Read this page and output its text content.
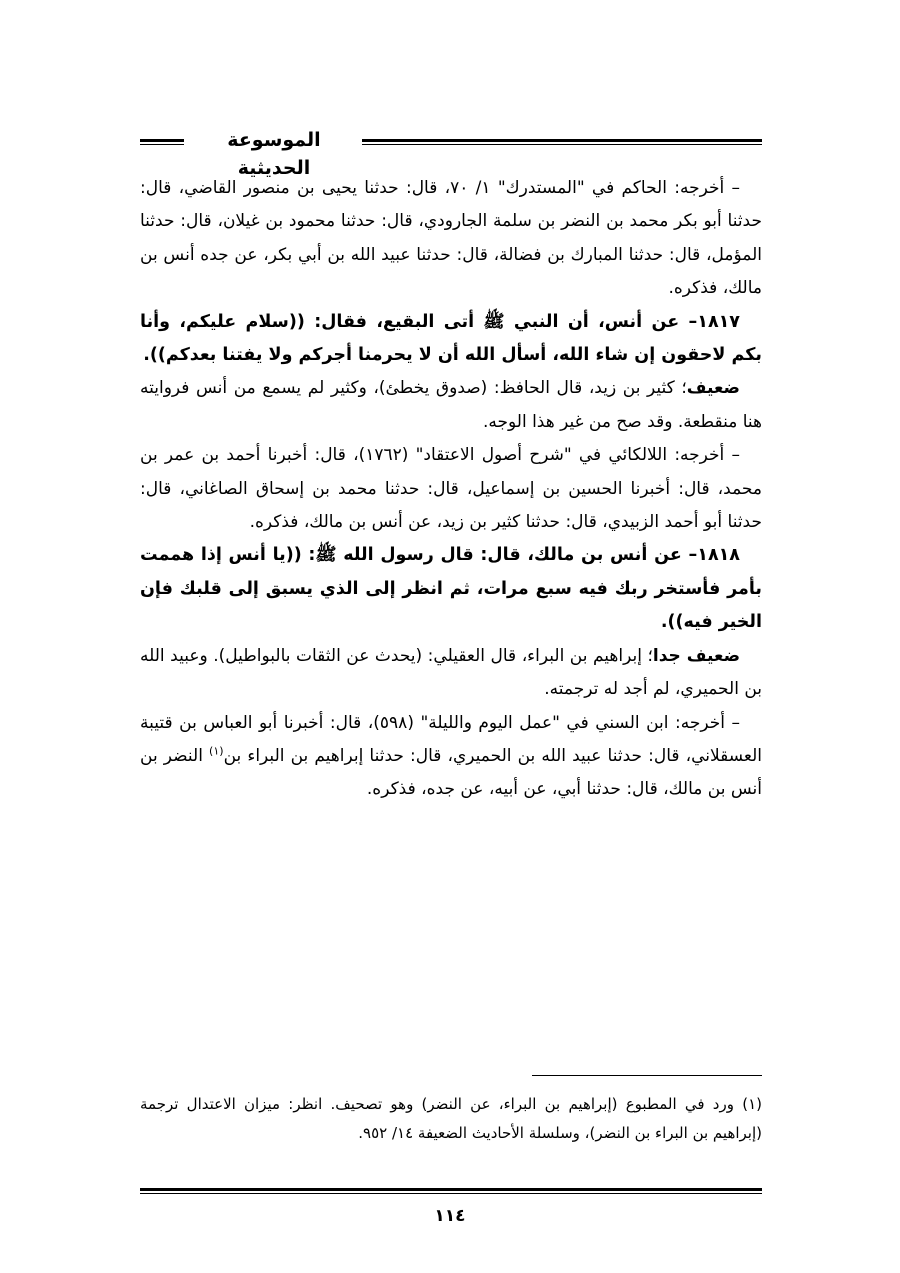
الموسوعة الحديثية

– أخرجه: الحاكم في "المستدرك" ١/ ٧٠، قال: حدثنا يحيى بن منصور القاضي، قال: حدثنا أبو بكر محمد بن النضر بن سلمة الجارودي، قال: حدثنا محمود بن غيلان، قال: حدثنا المؤمل، قال: حدثنا المبارك بن فضالة، قال: حدثنا عبيد الله بن أبي بكر، عن جده أنس بن مالك، فذكره.

١٨١٧– عن أنس، أن النبي ﷺ أتى البقيع، فقال: ((سلام عليكم، وأنا بكم لاحقون إن شاء الله، أسأل الله أن لا يحرمنا أجركم ولا يفتنا بعدكم)).

ضعيف؛ كثير بن زيد، قال الحافظ: (صدوق يخطئ)، وكثير لم يسمع من أنس فروايته هنا منقطعة. وقد صح من غير هذا الوجه.

– أخرجه: اللالكائي في "شرح أصول الاعتقاد" (١٧٦٢)، قال: أخبرنا أحمد بن عمر بن محمد، قال: أخبرنا الحسين بن إسماعيل، قال: حدثنا محمد بن إسحاق الصاغاني، قال: حدثنا أبو أحمد الزبيدي، قال: حدثنا كثير بن زيد، عن أنس بن مالك، فذكره.

١٨١٨– عن أنس بن مالك، قال: قال رسول الله ﷺ: ((يا أنس إذا هممت بأمر فأستخر ربك فيه سبع مرات، ثم انظر إلى الذي يسبق إلى قلبك فإن الخير فيه)).

ضعيف جدا؛ إبراهيم بن البراء، قال العقيلي: (يحدث عن الثقات بالبواطيل). وعبيد الله بن الحميري، لم أجد له ترجمته.

– أخرجه: ابن السني في "عمل اليوم والليلة" (٥٩٨)، قال: أخبرنا أبو العباس بن قتيبة العسقلاني، قال: حدثنا عبيد الله بن الحميري، قال: حدثنا إبراهيم بن البراء بن$^{(١)}$ النضر بن أنس بن مالك، قال: حدثنا أبي، عن أبيه، عن جده، فذكره.

(١) ورد في المطبوع (إبراهيم بن البراء، عن النضر) وهو تصحيف. انظر: ميزان الاعتدال ترجمة (إبراهيم بن البراء بن النضر)، وسلسلة الأحاديث الضعيفة ١٤/ ٩٥٢.

١١٤
